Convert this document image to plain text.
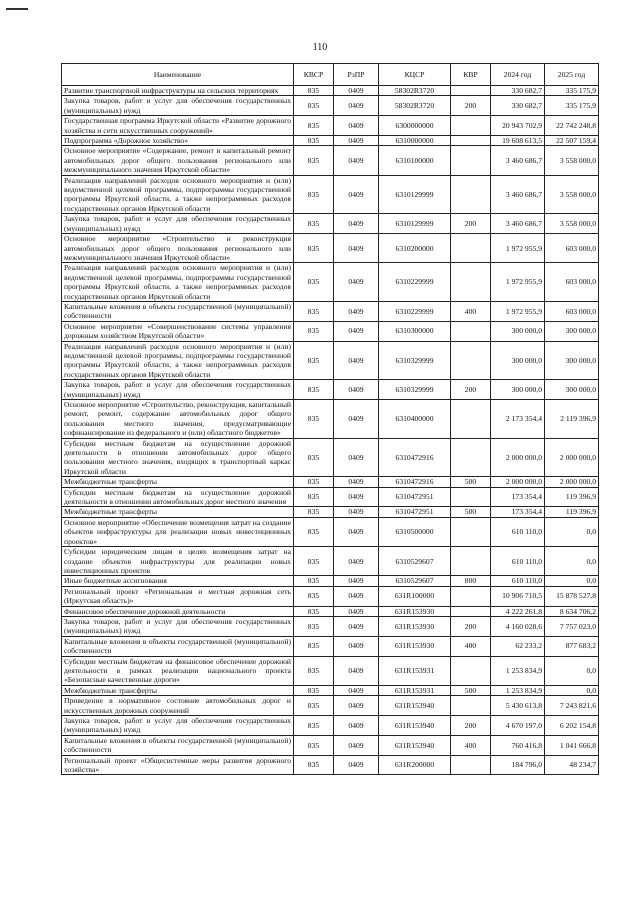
110
Наименование	КВСР	РзПР	КЦСР	КВР	2024 год	2025 год
Развитие транспортной инфраструктуры на сельских территориях	835	0409	58302R3720		330 682,7	335 175,9
Закупка товаров, работ и услуг для обеспечения государственных (муниципальных) нужд	835	0409	58302R3720	200	330 682,7	335 175,9
Государственная программа Иркутской области «Развитие дорожного хозяйства и сети искусственных сооружений»	835	0409	6300000000		20 943 702,9	22 742 248,8
Подпрограмма «Дорожное хозяйство»	835	0409	6310000000		19 608 613,5	22 507 159,4
Основное мероприятие «Содержание, ремонт и капитальный ремонт автомобильных дорог общего пользования регионального или межмуниципального значения Иркутской области»	835	0409	6310100000		3 460 686,7	3 558 000,0
Реализация направлений расходов основного мероприятия и (или) ведомственной целевой программы, подпрограммы государственной программы Иркутской области, а также непрограммных расходов государственных органов Иркутской области	835	0409	6310129999		3 460 686,7	3 558 000,0
Закупка товаров, работ и услуг для обеспечения государственных (муниципальных) нужд	835	0409	6310129999	200	3 460 686,7	3 558 000,0
Основное мероприятие «Строительство и реконструкция автомобильных дорог общего пользования регионального или межмуниципального значения Иркутской области»	835	0409	6310200000		1 972 955,9	603 000,0
Реализация направлений расходов основного мероприятия и (или) ведомственной целевой программы, подпрограммы государственной программы Иркутской области, а также непрограммных расходов государственных органов Иркутской области	835	0409	6310229999		1 972 955,9	603 000,0
Капитальные вложения в объекты государственной (муниципальной) собственности	835	0409	6310229999	400	1 972 955,9	603 000,0
Основное мероприятие «Совершенствование системы управления дорожным хозяйством Иркутской области»	835	0409	6310300000		300 000,0	300 000,0
Реализация направлений расходов основного мероприятия и (или) ведомственной целевой программы, подпрограммы государственной программы Иркутской области, а также непрограммных расходов государственных органов Иркутской области	835	0409	6310329999		300 000,0	300 000,0
Закупка товаров, работ и услуг для обеспечения государственных (муниципальных) нужд	835	0409	6310329999	200	300 000,0	300 000,0
Основное мероприятие «Строительство, реконструкция, капитальный ремонт, ремонт, содержание автомобильных дорог общего пользования местного значения, предусматривающие софинансирование из федерального и (или) областного бюджетов»	835	0409	6310400000		2 173 354,4	2 119 396,9
Субсидии местным бюджетам на осуществление дорожной деятельности в отношении автомобильных дорог общего пользования местного значения, входящих в транспортный каркас Иркутской области	835	0409	6310472916		2 000 000,0	2 000 000,0
Межбюджетные трансферты	835	0409	6310472916	500	2 000 000,0	2 000 000,0
Субсидии местным бюджетам на осуществление дорожной деятельности в отношении автомобильных дорог местного значения	835	0409	6310472951		173 354,4	119 396,9
Межбюджетные трансферты	835	0409	6310472951	500	173 354,4	119 396,9
Основное мероприятие «Обеспечение возмещения затрат на создание объектов инфраструктуры для реализации новых инвестиционных проектов»	835	0409	6310500000		610 110,0	0,0
Субсидии юридическим лицам в целях возмещения затрат на создание объектов инфраструктуры для реализации новых инвестиционных проектов	835	0409	6310529607		610 110,0	0,0
Иные бюджетные ассигнования	835	0409	6310529607	800	610 110,0	0,0
Региональный проект «Региональная и местная дорожная сеть (Иркутская область)»	835	0409	631R100000		10 906 710,5	15 878 527,8
Финансовое обеспечение дорожной деятельности	835	0409	631R153930		4 222 261,8	8 634 706,2
Закупка товаров, работ и услуг для обеспечения государственных (муниципальных) нужд	835	0409	631R153930	200	4 160 028,6	7 757 023,0
Капитальные вложения в объекты государственной (муниципальной) собственности	835	0409	631R153930	400	62 233,2	877 683,2
Субсидии местным бюджетам на финансовое обеспечение дорожной деятельности в рамках реализации национального проекта «Безопасные качественные дороги»	835	0409	631R153931		1 253 834,9	0,0
Межбюджетные трансферты	835	0409	631R153931	500	1 253 834,9	0,0
Приведение в нормативное состояние автомобильных дорог и искусственных дорожных сооружений	835	0409	631R153940		5 430 613,8	7 243 821,6
Закупка товаров, работ и услуг для обеспечения государственных (муниципальных) нужд	835	0409	631R153940	200	4 670 197,0	6 202 154,8
Капитальные вложения в объекты государственной (муниципальной) собственности	835	0409	631R153940	400	760 416,8	1 041 666,8
Региональный проект «Общесистемные меры развития дорожного хозяйства»	835	0409	631R200000		184 796,0	48 234,7
